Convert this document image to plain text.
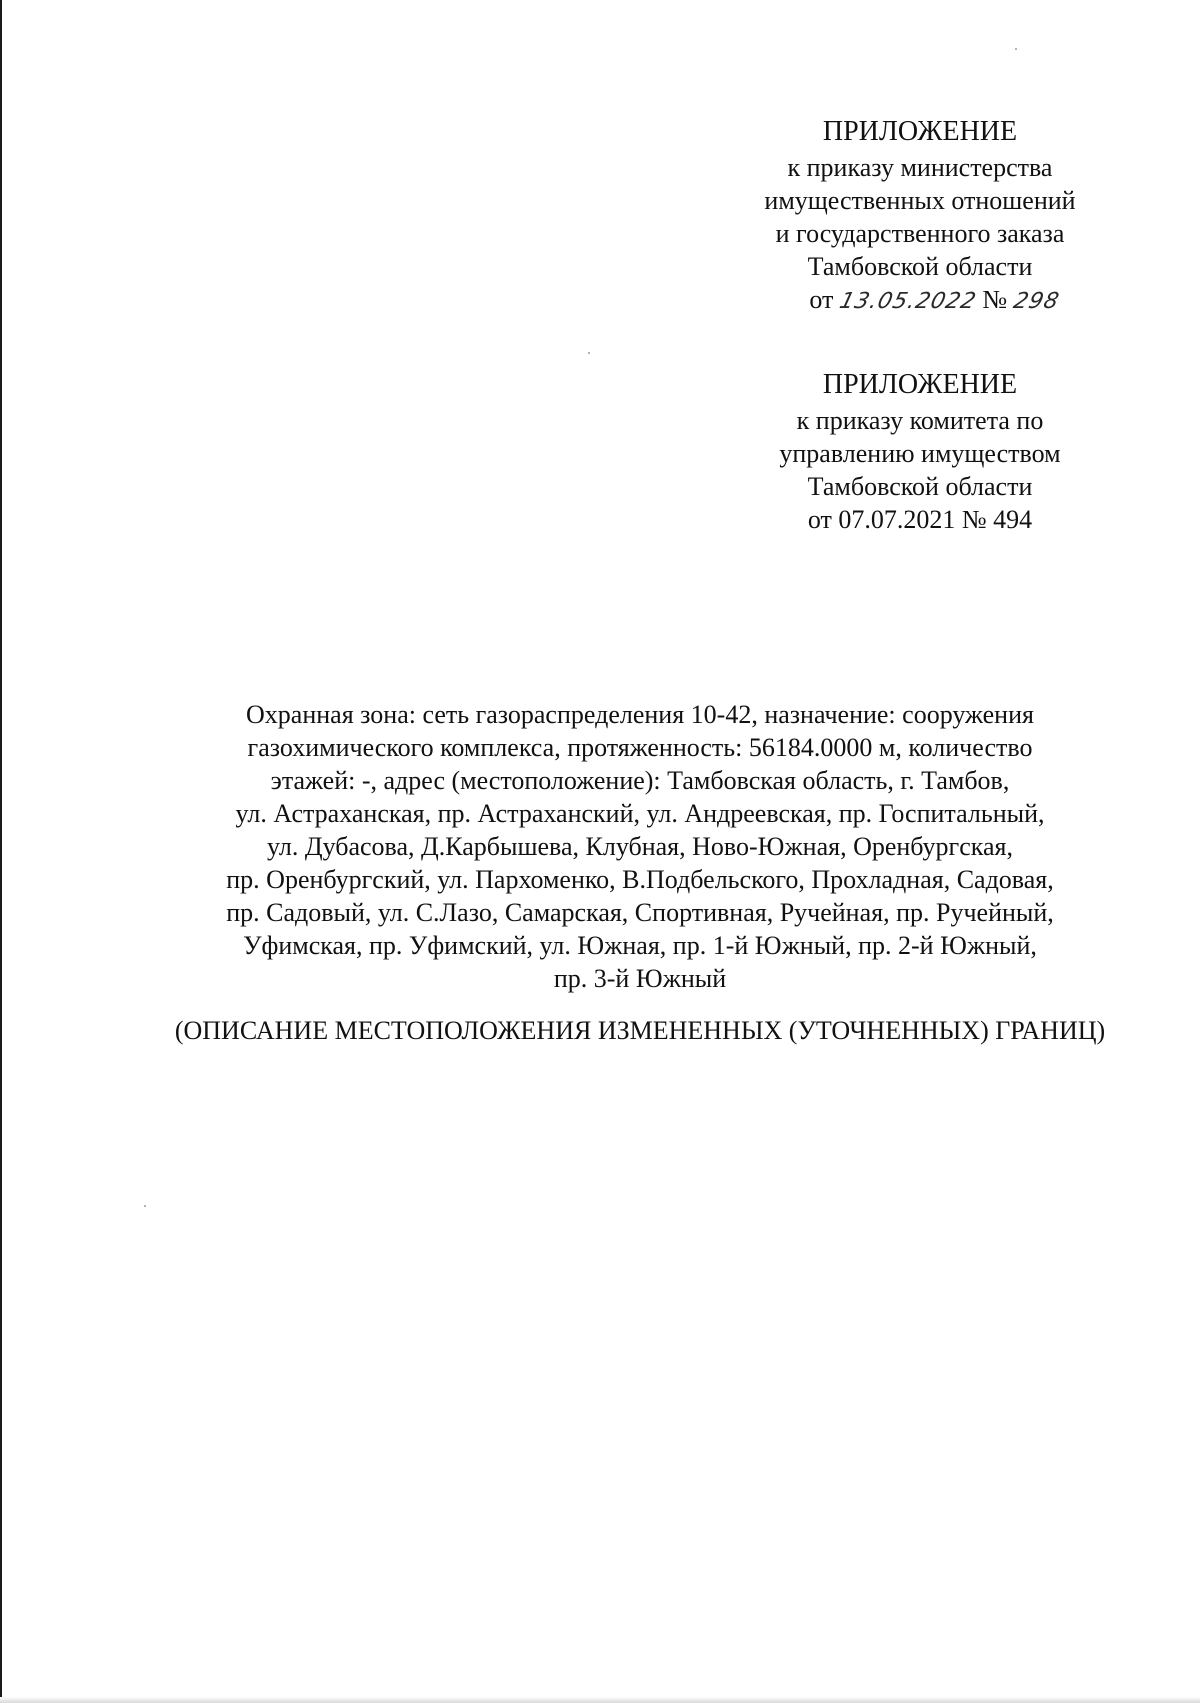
ПРИЛОЖЕНИЕ
к приказу министерства
имущественных отношений
и государственного заказа
Тамбовской области
от 13.05.2022 № 298
ПРИЛОЖЕНИЕ
к приказу комитета по
управлению имуществом
Тамбовской области
от 07.07.2021 № 494
Охранная зона: сеть газораспределения 10-42, назначение: сооружения
газохимического комплекса, протяженность: 56184.0000 м, количество
этажей: -, адрес (местоположение): Тамбовская область, г. Тамбов,
ул. Астраханская, пр. Астраханский, ул. Андреевская, пр. Госпитальный,
ул. Дубасова, Д.Карбышева, Клубная, Ново-Южная, Оренбургская,
пр. Оренбургский, ул. Пархоменко, В.Подбельского, Прохладная, Садовая,
пр. Садовый, ул. С.Лазо, Самарская, Спортивная, Ручейная, пр. Ручейный,
Уфимская, пр. Уфимский, ул. Южная, пр. 1-й Южный, пр. 2-й Южный,
пр. 3-й Южный
(ОПИСАНИЕ МЕСТОПОЛОЖЕНИЯ ИЗМЕНЕННЫХ (УТОЧНЕННЫХ) ГРАНИЦ)
